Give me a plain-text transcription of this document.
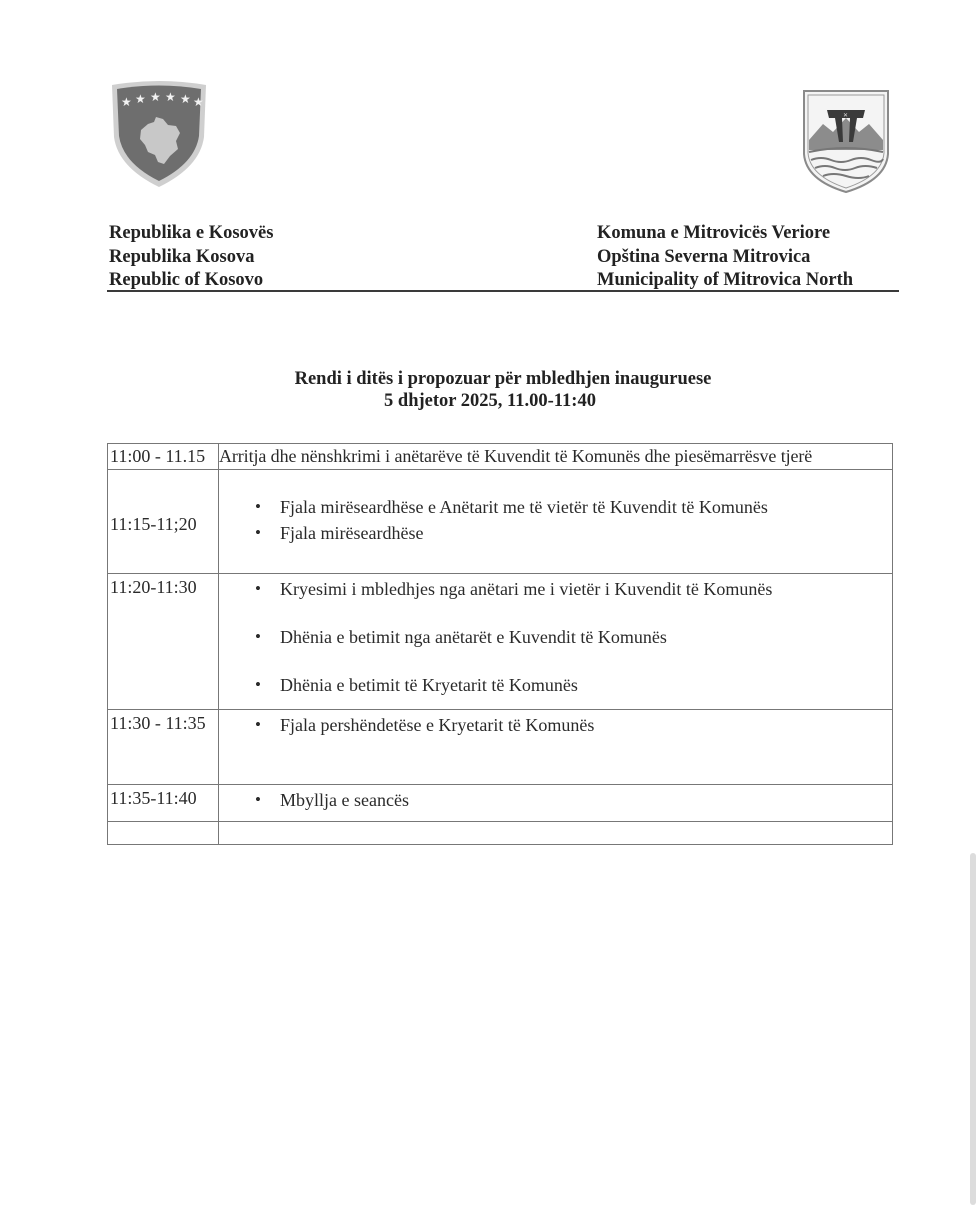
★ ★ ★ ★ ★ ★
✕
Republika e Kosovës
Republika Kosova
Republic of Kosovo
Komuna e Mitrovicës Veriore
Opština Severna Mitrovica
Municipality of Mitrovica North
Rendi i ditës i propozuar për mbledhjen inauguruese
5 dhjetor 2025, 11.00-11:40
11:00 - 11.15	Arritja dhe nënshkrimi i anëtarëve të Kuvendit të Komunës dhe piesëmarrësve tjerë

11:15-11;20

• Fjala mirëseardhëse e Anëtarit me të vietër të Kuvendit të Komunës
• Fjala mirëseardhëse

11:20-11:30	
•Kryesimi i mbledhjes nga anëtari me i vietër i Kuvendit të Komunës
• Dhënia e betimit nga anëtarët e Kuvendit të Komunës
• Dhënia e betimit të Kryetarit të Komunës

11:30 - 11:35	
•Fjala pershëndetëse e Kryetarit të Komunës

11:35-11:40	
•Mbyllja e seancës
